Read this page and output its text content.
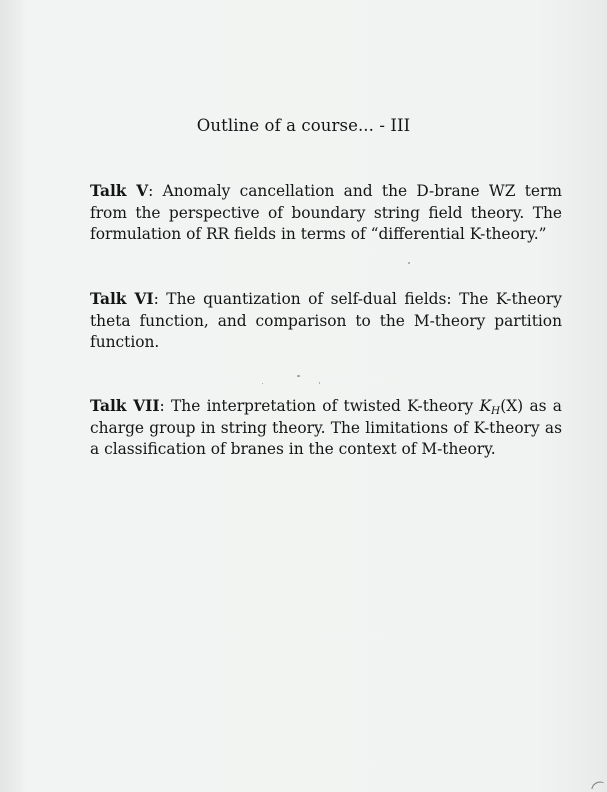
Outline of a course... - III

Talk V: Anomaly cancellation and the D-brane WZ term from the perspective of boundary string field theory. The formulation of RR fields in terms of “differential K-theory.”

Talk VI: The quantization of self-dual fields: The K-theory theta function, and comparison to the M-theory partition function.

Talk VII: The interpretation of twisted K-theory $K_H(X)$ as a charge group in string theory. The limitations of K-theory as a classification of branes in the context of M-theory.
